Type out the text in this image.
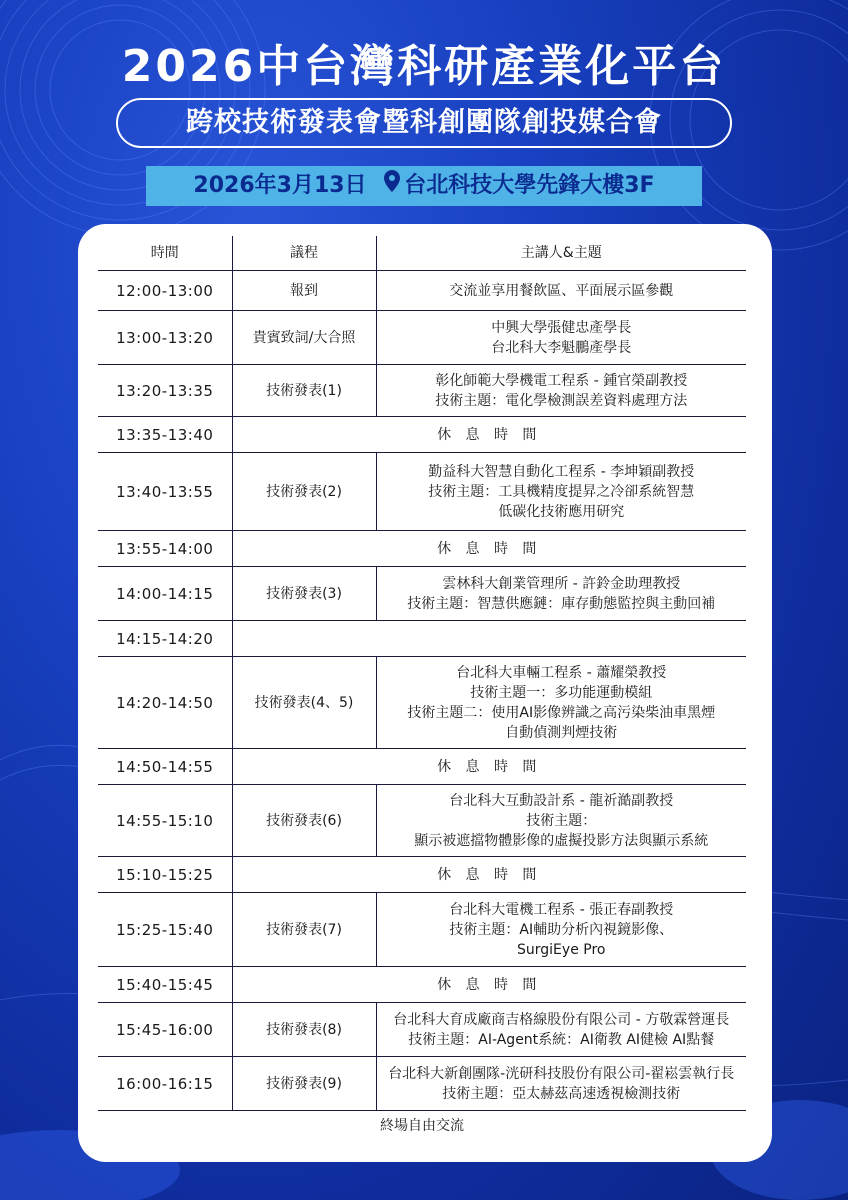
2026中台灣科研產業化平台
跨校技術發表會暨科創團隊創投媒合會
2026年3月13日 台北科技大學先鋒大樓3F
時間	議程	主講人&主題
12:00-13:00	報到	交流並享用餐飲區、平面展示區參觀

13:00-13:20	貴賓致詞/大合照	中興大學張健忠產學長
台北科大李魁鵬產學長

13:20-13:35	技術發表(1)	彰化師範大學機電工程系 - 鍾官榮副教授
技術主題：電化學檢測誤差資料處理方法

13:35-13:40	休 息 時 間	
13:40-13:55	技術發表(2)	勤益科大智慧自動化工程系 - 李坤穎副教授
技術主題：工具機精度提昇之冷卻系統智慧
低碳化技術應用研究

13:55-14:00	休 息 時 間	
14:00-14:15	技術發表(3)	雲林科大創業管理所 - 許鈴金助理教授
技術主題：智慧供應鏈：庫存動態監控與主動回補

14:15-14:20		
14:20-14:50	技術發表(4、5)	台北科大車輛工程系 - 蕭耀榮教授
技術主題一：多功能運動模組
技術主題二：使用AI影像辨識之高污染柴油車黑煙
自動偵測判煙技術

14:50-14:55	休 息 時 間	
14:55-15:10	技術發表(6)	台北科大互動設計系 - 龍祈澔副教授
技術主題：
顯示被遮擋物體影像的虛擬投影方法與顯示系統

15:10-15:25	休 息 時 間	
15:25-15:40	技術發表(7)	台北科大電機工程系 - 張正春副教授
技術主題：AI輔助分析內視鏡影像、
SurgiEye Pro

15:40-15:45	休 息 時 間	
15:45-16:00	技術發表(8)	台北科大育成廠商吉格線股份有限公司 - 方敬霖營運長
技術主題：AI-Agent系統：AI衛教 AI健檢 AI點餐

16:00-16:15	技術發表(9)	台北科大新創團隊-洸研科技股份有限公司-翟崧雲執行長
技術主題：亞太赫茲高速透視檢測技術

終場自由交流		
